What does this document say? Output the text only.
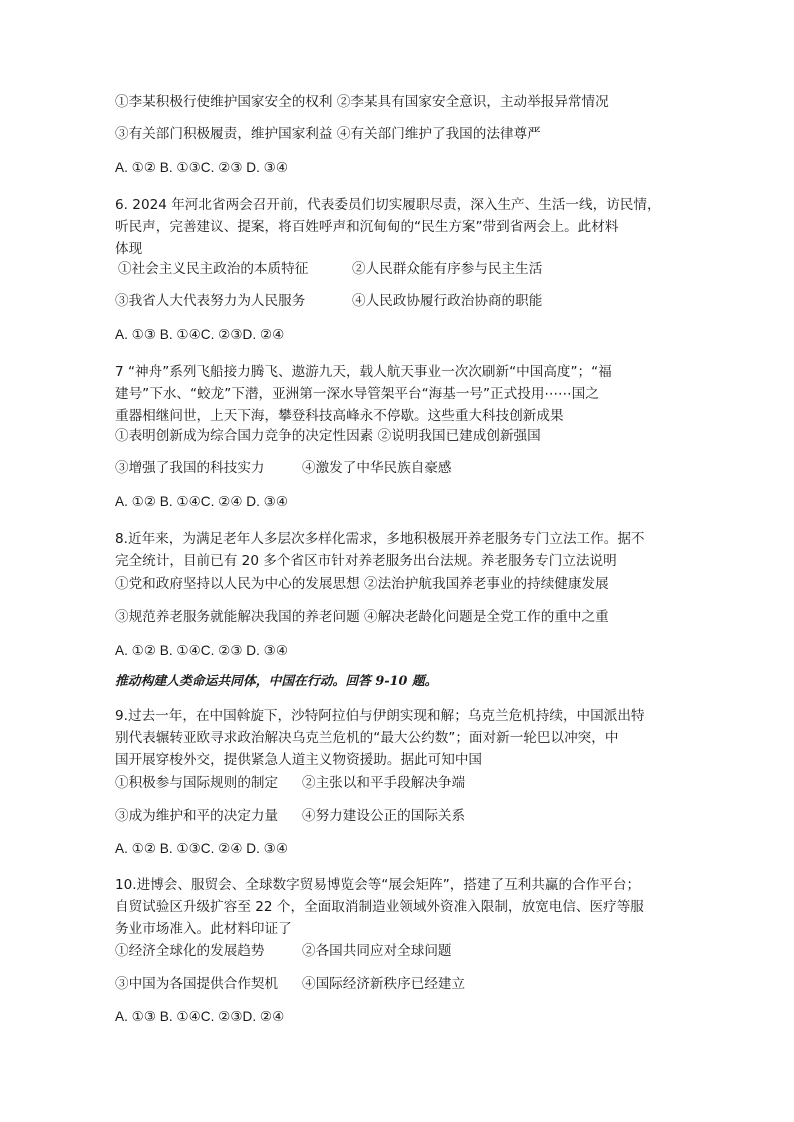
①李某积极行使维护国家安全的权利 ②李某具有国家安全意识，主动举报异常情况
③有关部门积极履责，维护国家利益 ④有关部门维护了我国的法律尊严
A. ①② B. ①③C. ②③ D. ③④
6. 2024 年河北省两会召开前，代表委员们切实履职尽责，深入生产、生活一线，访民情，
听民声，完善建议、提案，将百姓呼声和沉甸甸的“民生方案”带到省两会上。此材料
体现
①社会主义民主政治的本质特征	②人民群众能有序参与民主生活
③我省人大代表努力为人民服务	④人民政协履行政治协商的职能
A. ①③ B. ①④C. ②③D. ②④
7 “神舟”系列飞船接力腾飞、遨游九天，载人航天事业一次次刷新“中国高度”；“福
建号”下水、“蛟龙”下潜，亚洲第一深水导管架平台“海基一号”正式投用⋯⋯国之
重器相继问世，上天下海，攀登科技高峰永不停歇。这些重大科技创新成果
①表明创新成为综合国力竞争的决定性因素 ②说明我国已建成创新强国
③增强了我国的科技实力	④激发了中华民族自豪感
A. ①② B. ①④C. ②④ D. ③④
8.近年来，为满足老年人多层次多样化需求，多地积极展开养老服务专门立法工作。据不
完全统计，目前已有 20 多个省区市针对养老服务出台法规。养老服务专门立法说明
①党和政府坚持以人民为中心的发展思想 ②法治护航我国养老事业的持续健康发展
③规范养老服务就能解决我国的养老问题 ④解决老龄化问题是全党工作的重中之重
A. ①② B. ①④C. ②③ D. ③④
推动构建人类命运共同体，中国在行动。回答 9-10 题。
9.过去一年，在中国斡旋下，沙特阿拉伯与伊朗实现和解；乌克兰危机持续，中国派出特
别代表辗转亚欧寻求政治解决乌克兰危机的“最大公约数”；面对新一轮巴以冲突，中
国开展穿梭外交，提供紧急人道主义物资援助。据此可知中国
①积极参与国际规则的制定 ②主张以和平手段解决争端
③成为维护和平的决定力量 ④努力建设公正的国际关系
A. ①② B. ①③C. ②④ D. ③④
10.进博会、服贸会、全球数字贸易博览会等“展会矩阵”，搭建了互利共赢的合作平台；
自贸试验区升级扩容至 22 个，全面取消制造业领域外资准入限制，放宽电信、医疗等服
务业市场准入。此材料印证了
①经济全球化的发展趋势	②各国共同应对全球问题
③中国为各国提供合作契机 ④国际经济新秩序已经建立
A. ①③ B. ①④C. ②③D. ②④
